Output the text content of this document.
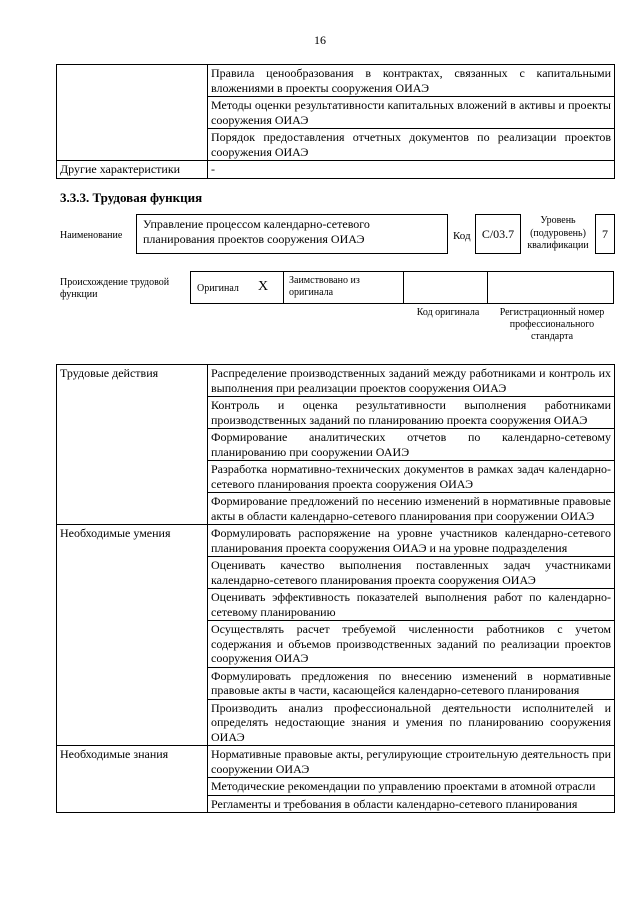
16
	Правила ценообразования в контрактах, связанных с капитальными вложениями в проекты сооружения ОИАЭ
	Методы оценки результативности капитальных вложений в активы и проекты сооружения ОИАЭ
	Порядок предоставления отчетных документов по реализации проектов сооружения ОИАЭ
Другие характеристики	-
3.3.3. Трудовая функция
Наименование
Управление процессом календарно-сетевого планирования проектов сооружения ОИАЭ	Код C/03.7
Уровень (подуровень) квалификации
7
Происхождение трудовой функции
Оригинал X Заимствовано из оригинала
Код оригинала	Регистрационный номер профессионального стандарта
Трудовые действия	Распределение производственных заданий между работниками и контроль их выполнения при реализации проектов сооружения ОИАЭ
	Контроль и оценка результативности выполнения работниками производственных заданий по планированию проекта сооружения ОИАЭ
	Формирование аналитических отчетов по календарно-сетевому планированию при сооружении ОАИЭ
	Разработка нормативно-технических документов в рамках задач календарно-сетевого планирования проекта сооружения ОИАЭ
	Формирование предложений по несению изменений в нормативные правовые акты в области календарно-сетевого планирования при сооружении ОИАЭ
Необходимые умения	Формулировать распоряжение на уровне участников календарно-сетевого планирования проекта сооружения ОИАЭ и на уровне подразделения
	Оценивать качество выполнения поставленных задач участниками календарно-сетевого планирования проекта сооружения ОИАЭ
	Оценивать эффективность показателей выполнения работ по календарно-сетевому планированию
	Осуществлять расчет требуемой численности работников с учетом содержания и объемов производственных заданий по реализации проектов сооружения ОИАЭ
	Формулировать предложения по внесению изменений в нормативные правовые акты в части, касающейся календарно-сетевого планирования
	Производить анализ профессиональной деятельности исполнителей и определять недостающие знания и умения по планированию сооружения ОИАЭ
Необходимые знания	Нормативные правовые акты, регулирующие строительную деятельность при сооружении ОИАЭ
	Методические рекомендации по управлению проектами в атомной отрасли
	Регламенты и требования в области календарно-сетевого планирования
